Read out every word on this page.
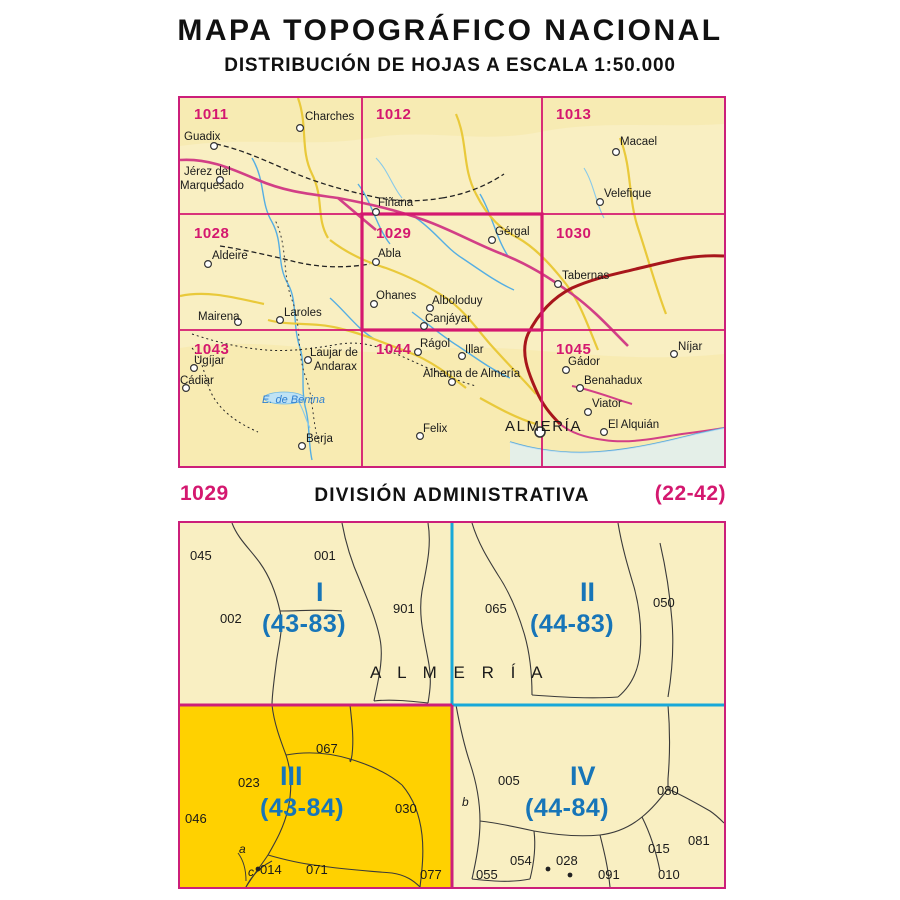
MAPA TOPOGRÁFICO NACIONAL
DISTRIBUCIÓN DE HOJAS A ESCALA 1:50.000
1011	1012	1013
1028	1029	1030
1043	1044	1045
Charches
Guadix	Macael
Jérez del
Marquesado
Velefique
Fiñana
Gérgal
Aldeire	Abla
Tabernas
Alboloduy
Ohanes
Canjáyar
Mairena	Laroles
Rágol Illar	Níjar
Laujar de
Andarax
Ugíjar
Cádiar
Gádor
Alhama de Almería
Benahadux
Viator
El Alquián
Felix
Berja
ALMERÍA
E. de Benina
1029	DIVISIÓN ADMINISTRATIVA	(22-42)
I
(43-83)
II
(44-83)
III
(43-84)
IV
(44-84)
A L M E R Í A
045	001
002
901	065	050
067
023	005
080
046
030
015
081
014 071	077	055
054 028
091	010
b
a
c
